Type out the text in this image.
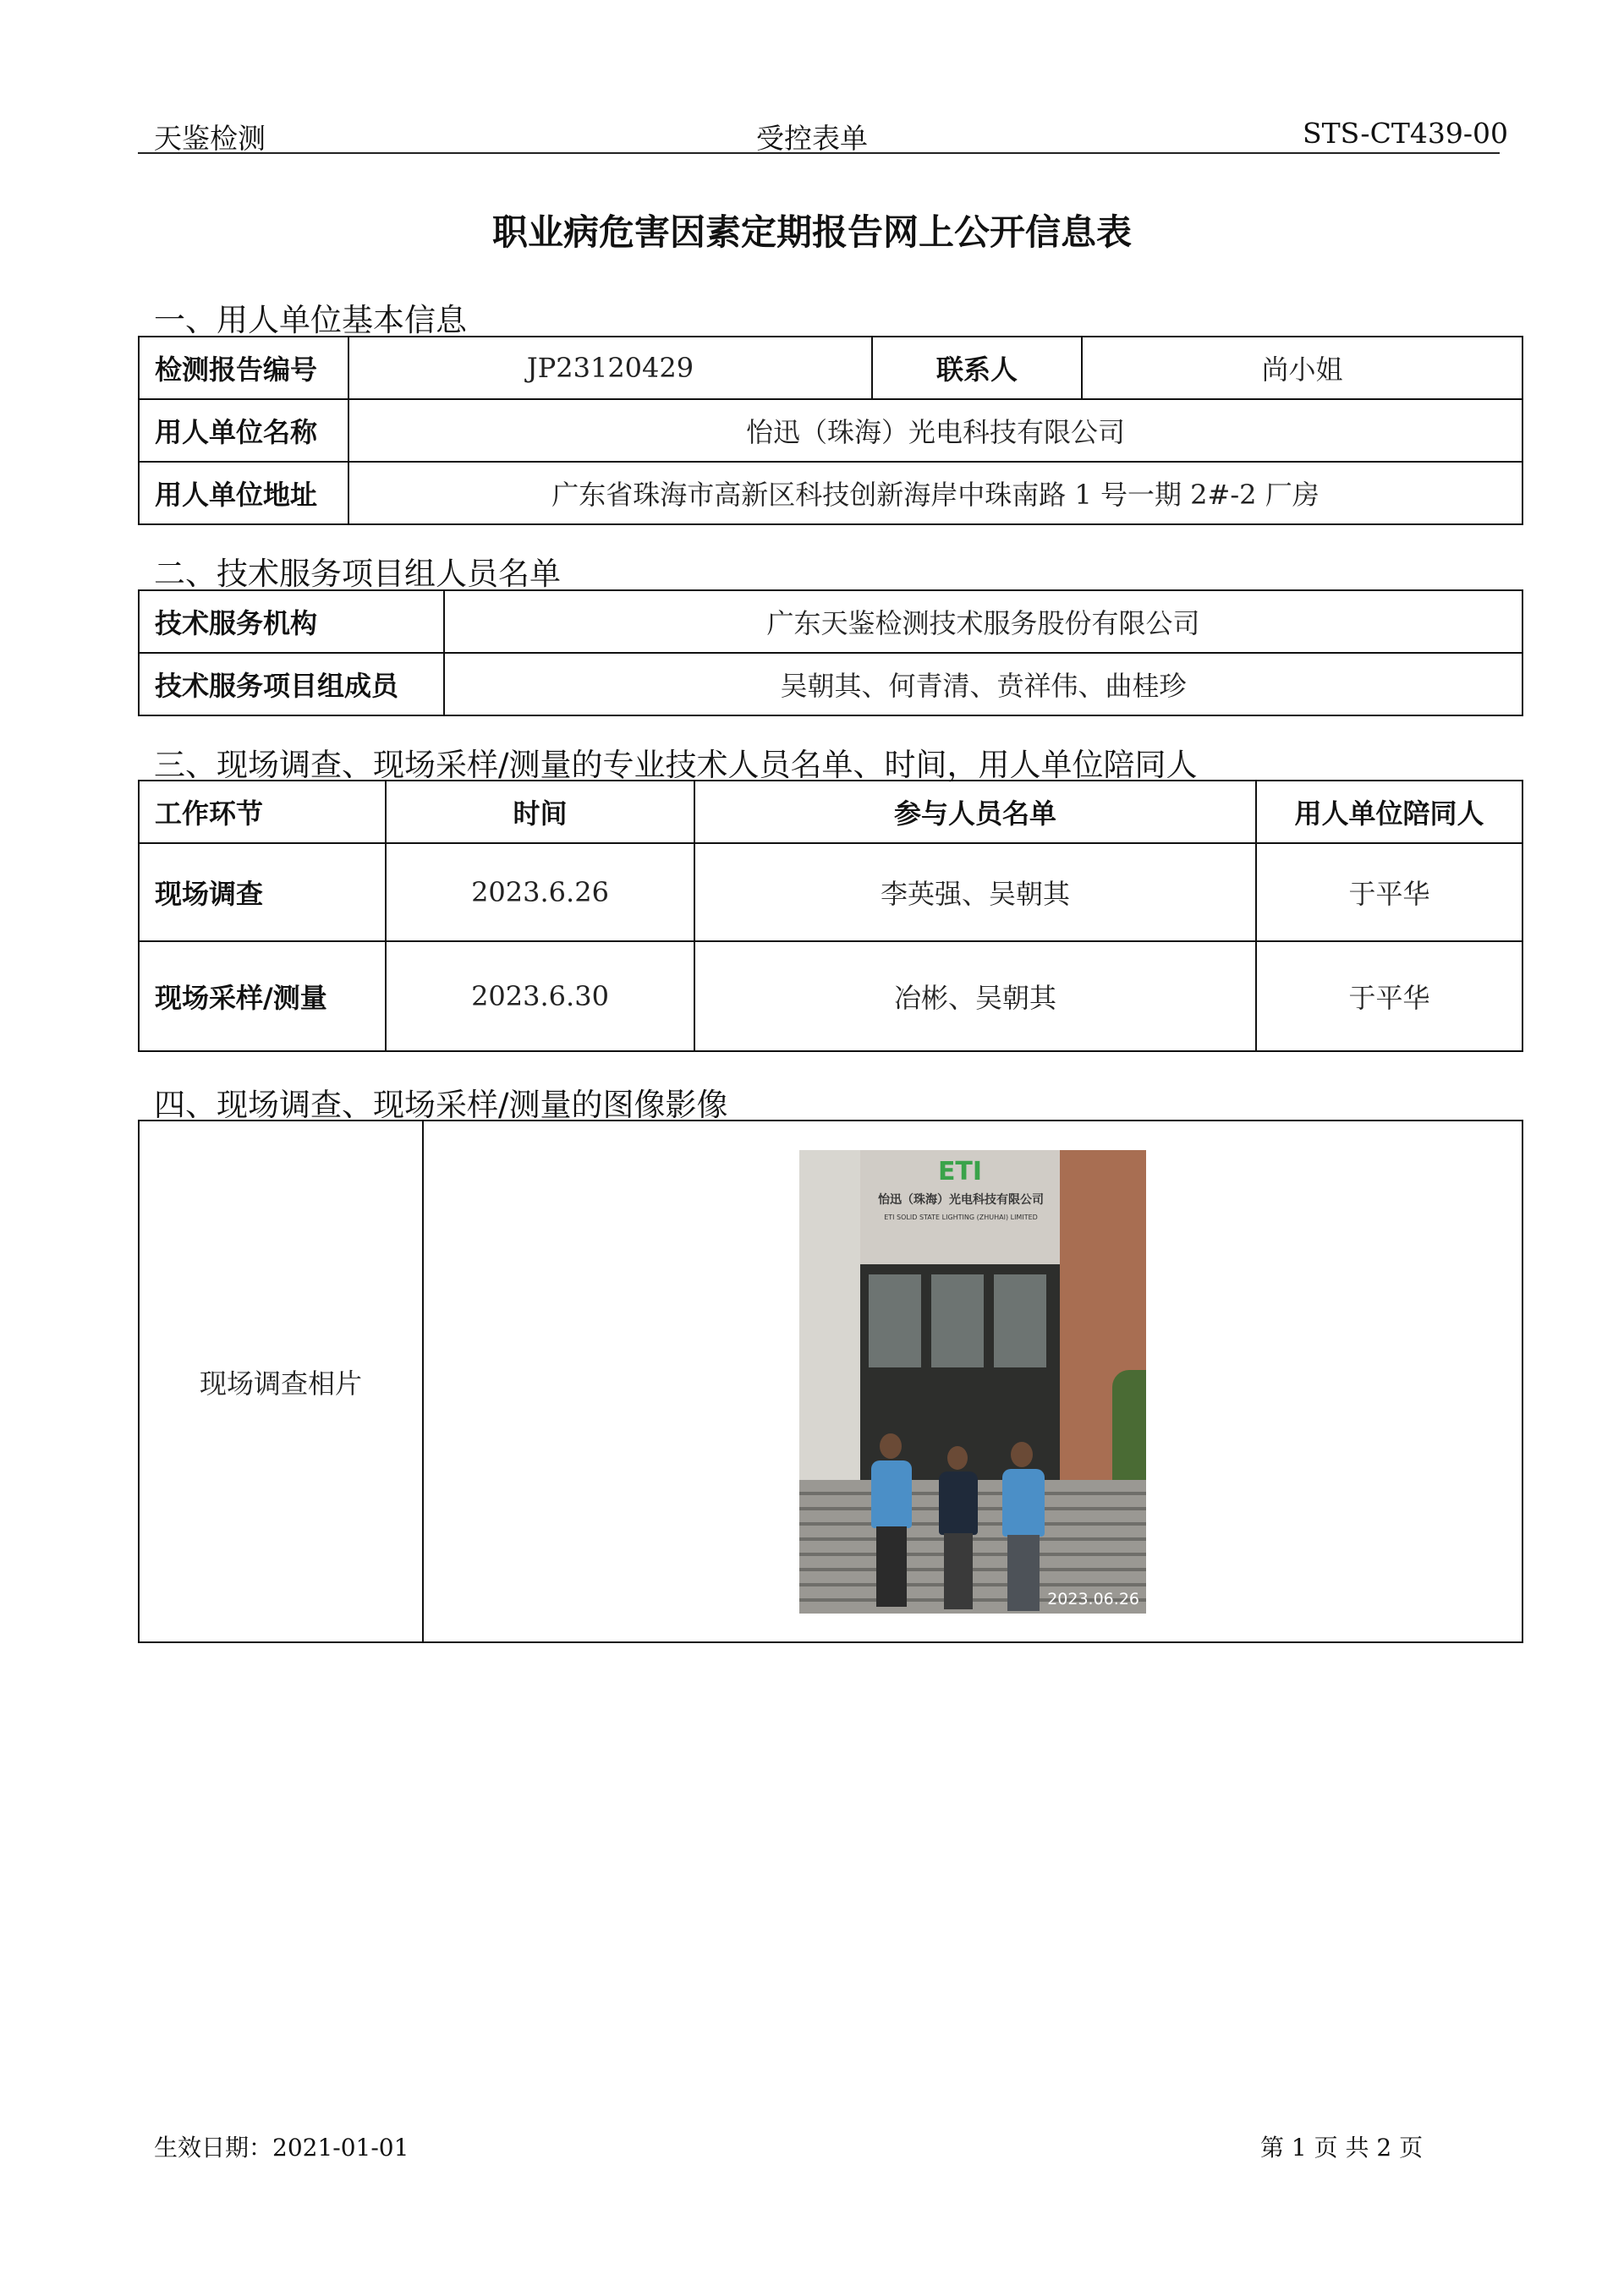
天鉴检测	受控表单	STS-CT439-00
职业病危害因素定期报告网上公开信息表
一、用人单位基本信息
检测报告编号	JP23120429	联系人	尚小姐
用人单位名称	怡迅（珠海）光电科技有限公司		
用人单位地址	广东省珠海市高新区科技创新海岸中珠南路 1 号一期 2#-2 厂房		
二、技术服务项目组人员名单
技术服务机构	广东天鉴检测技术服务股份有限公司
技术服务项目组成员	吴朝其、何青清、贲祥伟、曲桂珍
三、现场调查、现场采样/测量的专业技术人员名单、时间，用人单位陪同人
工作环节	时间	参与人员名单	用人单位陪同人
现场调查	2023.6.26	李英强、吴朝其	于平华
现场采样/测量	2023.6.30	冶彬、吴朝其	于平华
四、现场调查、现场采样/测量的图像影像
现场调查相片	
ETI
怡迅（珠海）光电科技有限公司
ETI SOLID STATE LIGHTING (ZHUHAI) LIMITED
2023.06.26
生效日期：2021-01-01	第 1 页 共 2 页
